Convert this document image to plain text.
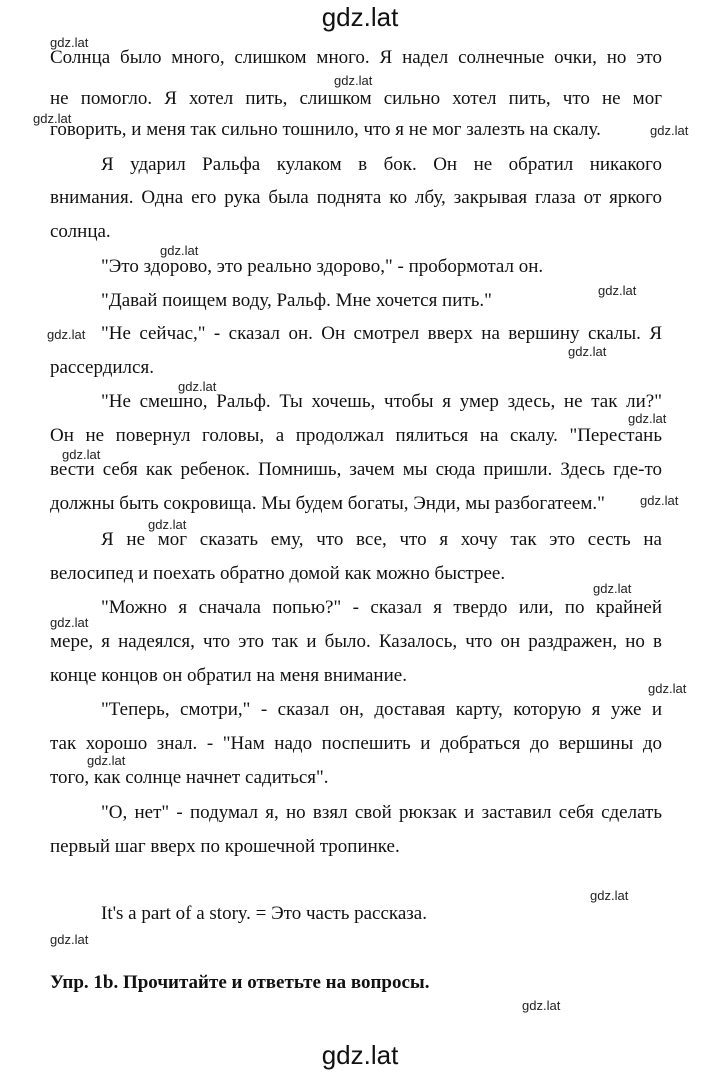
gdz.lat
gdz.lat
Солнца было много, слишком много. Я надел солнечные очки, но это
не помогло. Я хотел пить, слишком сильно хотел пить, что не мог
говорить, и меня так сильно тошнило, что я не мог залезть на скалу.
Я ударил Ральфа кулаком в бок. Он не обратил никакого
внимания. Одна его рука была поднята ко лбу, закрывая глаза от яркого
солнца.
"Это здорово, это реально здорово," - пробормотал он.
"Давай поищем воду, Ральф. Мне хочется пить."
"Не сейчас," - сказал он. Он смотрел вверх на вершину скалы. Я
рассердился.
"Не смешно, Ральф. Ты хочешь, чтобы я умер здесь, не так ли?"
Он не повернул головы, а продолжал пялиться на скалу. "Перестань
вести себя как ребенок. Помнишь, зачем мы сюда пришли. Здесь где-то
должны быть сокровища. Мы будем богаты, Энди, мы разбогатеем."
Я не мог сказать ему, что все, что я хочу так это сесть на
велосипед и поехать обратно домой как можно быстрее.
"Можно я сначала попью?" - сказал я твердо или, по крайней
мере, я надеялся, что это так и было. Казалось, что он раздражен, но в
конце концов он обратил на меня внимание.
"Теперь, смотри," - сказал он, доставая карту, которую я уже и
так хорошо знал. - "Нам надо поспешить и добраться до вершины до
того, как солнце начнет садиться".
"О, нет" - подумал я, но взял свой рюкзак и заставил себя сделать
первый шаг вверх по крошечной тропинке.
It's a part of a story. = Это часть рассказа.
Упр. 1b. Прочитайте и ответьте на вопросы.
gdz.lat
gdz.lat
gdz.lat
gdz.lat
gdz.lat
gdz.lat
gdz.lat
gdz.lat
gdz.lat
gdz.lat
gdz.lat
gdz.lat
gdz.lat
gdz.lat
gdz.lat
gdz.lat
gdz.lat
gdz.lat
gdz.lat
gdz.lat
